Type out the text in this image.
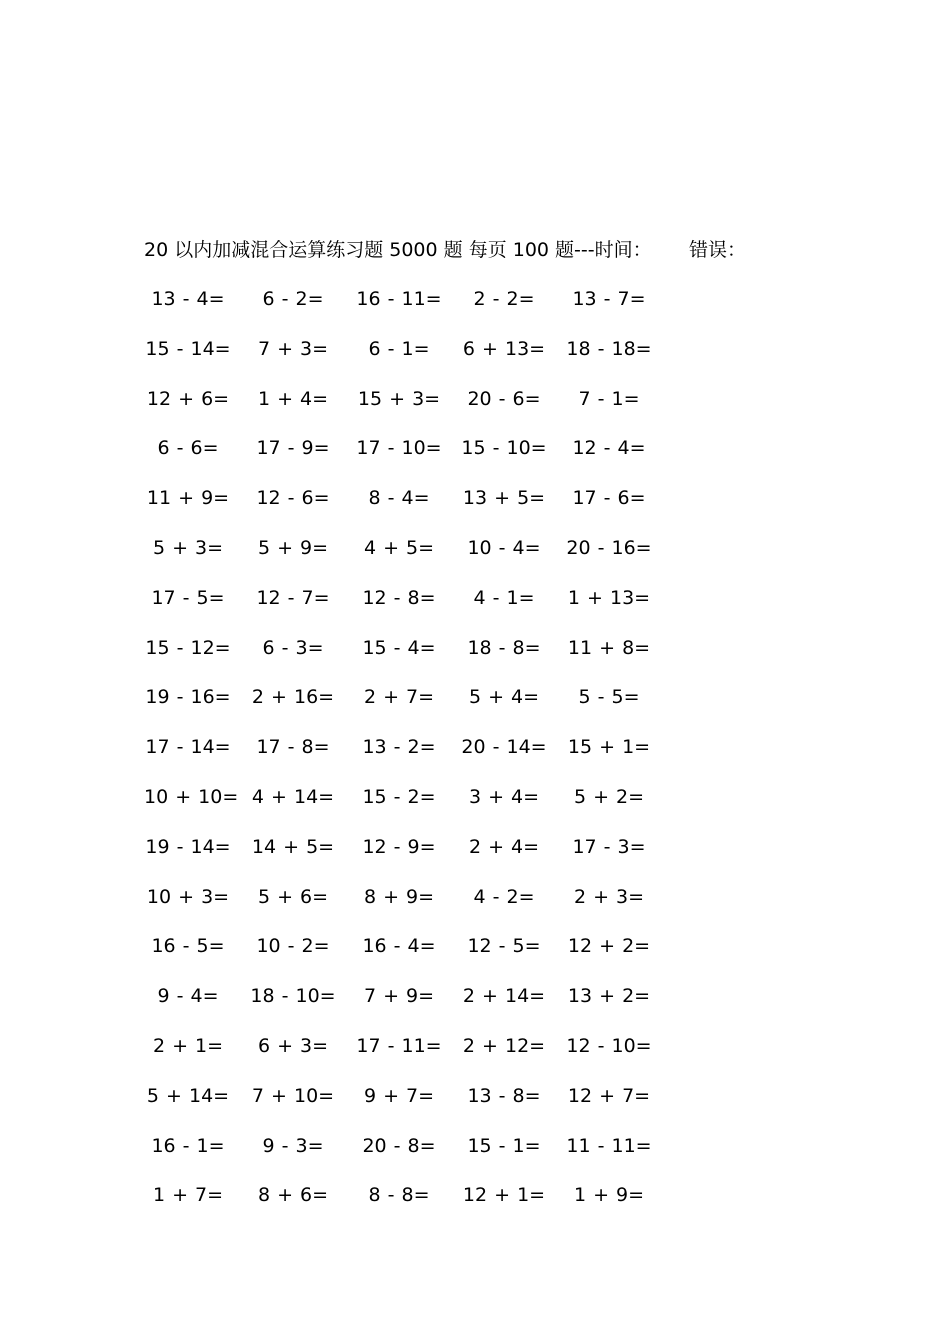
20 以内加减混合运算练习题 5000 题 每页 100 题---时间： 错误：
13 - 4=	6 - 2=	16 - 11=	2 - 2=	13 - 7=
15 - 14=	7 + 3=	6 - 1=	6 + 13= 18 - 18=
12 + 6=	1 + 4=	15 + 3=	20 - 6=	7 - 1=
6 - 6=	17 - 9=	17 - 10= 15 - 10=	12 - 4=
11 + 9=	12 - 6=	8 - 4=	13 + 5=	17 - 6=
5 + 3=	5 + 9=	4 + 5=	10 - 4=	20 - 16=
17 - 5=	12 - 7=	12 - 8=	4 - 1=	1 + 13=
15 - 12=	6 - 3=	15 - 4=	18 - 8=	11 + 8=
19 - 16= 2 + 16=	2 + 7=	5 + 4=	5 - 5=
17 - 14=	17 - 8=	13 - 2=	20 - 14= 15 + 1=
10 + 10= 4 + 14=	15 - 2=	3 + 4=	5 + 2=
19 - 14= 14 + 5=	12 - 9=	2 + 4=	17 - 3=
10 + 3=	5 + 6=	8 + 9=	4 - 2=	2 + 3=
16 - 5=	10 - 2=	16 - 4=	12 - 5=	12 + 2=
9 - 4=	18 - 10=	7 + 9=	2 + 14= 13 + 2=
2 + 1=	6 + 3=	17 - 11= 2 + 12= 12 - 10=
5 + 14= 7 + 10=	9 + 7=	13 - 8=	12 + 7=
16 - 1=	9 - 3=	20 - 8=	15 - 1=	11 - 11=
1 + 7=	8 + 6=	8 - 8=	12 + 1=	1 + 9=
